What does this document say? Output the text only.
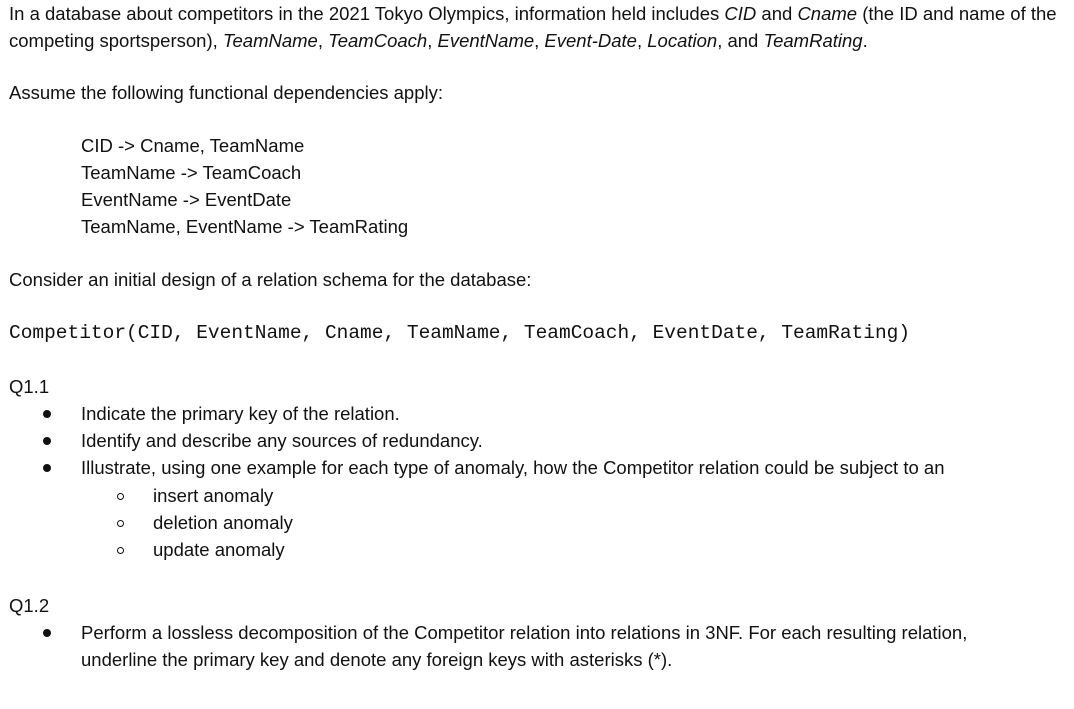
In a database about competitors in the 2021 Tokyo Olympics, information held includes CID and Cname (the ID and name of the competing sportsperson), TeamName, TeamCoach, EventName, Event-Date, Location, and TeamRating.
Assume the following functional dependencies apply:
CID -> Cname, TeamName
TeamName -> TeamCoach
EventName -> EventDate
TeamName, EventName -> TeamRating
Consider an initial design of a relation schema for the database:
Competitor(CID, EventName, Cname, TeamName, TeamCoach, EventDate, TeamRating)
Q1.1
Indicate the primary key of the relation.
Identify and describe any sources of redundancy.
Illustrate, using one example for each type of anomaly, how the Competitor relation could be subject to an
insert anomaly
deletion anomaly
update anomaly
Q1.2
Perform a lossless decomposition of the Competitor relation into relations in 3NF. For each resulting relation,
underline the primary key and denote any foreign keys with asterisks (*).
